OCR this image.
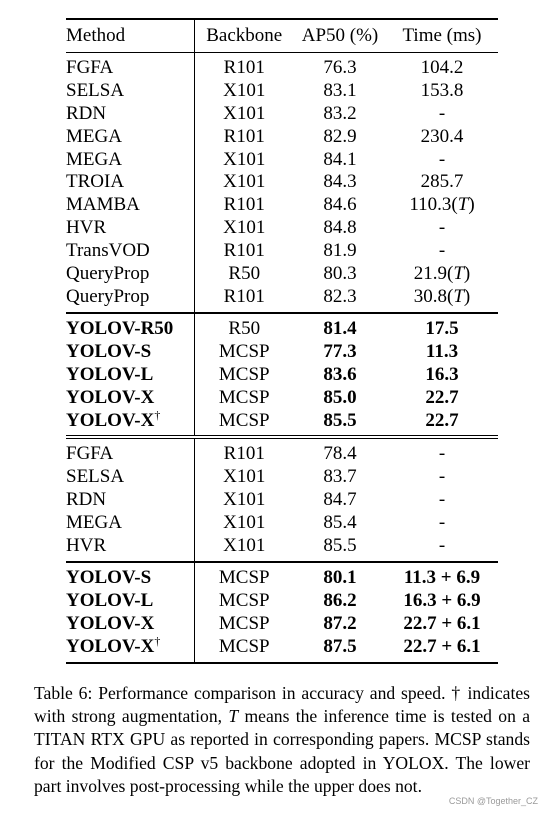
Method	Backbone	AP50 (%)	Time (ms)
FGFA	R101	76.3	104.2
SELSA	X101	83.1	153.8
RDN	X101	83.2	-
MEGA	R101	82.9	230.4
MEGA	X101	84.1	-
TROIA	X101	84.3	285.7
MAMBA	R101	84.6	110.3(T)
HVR	X101	84.8	-
TransVOD	R101	81.9	-
QueryProp	R50	80.3	21.9(T)
QueryProp	R101	82.3	30.8(T)
YOLOV-R50	R50	81.4	17.5
YOLOV-S	MCSP	77.3	11.3
YOLOV-L	MCSP	83.6	16.3
YOLOV-X	MCSP	85.0	22.7
YOLOV-X†	MCSP	85.5	22.7
FGFA	R101	78.4	-
SELSA	X101	83.7	-
RDN	X101	84.7	-
MEGA	X101	85.4	-
HVR	X101	85.5	-
YOLOV-S	MCSP	80.1	11.3 + 6.9
YOLOV-L	MCSP	86.2	16.3 + 6.9
YOLOV-X	MCSP	87.2	22.7 + 6.1
YOLOV-X†	MCSP	87.5	22.7 + 6.1
Table 6: Performance comparison in accuracy and speed. † indicates with strong augmentation, T means the inference time is tested on a TITAN RTX GPU as reported in corresponding papers. MCSP stands for the Modified CSP v5 backbone adopted in YOLOX. The lower part involves post-processing while the upper does not.
CSDN @Together_CZ
